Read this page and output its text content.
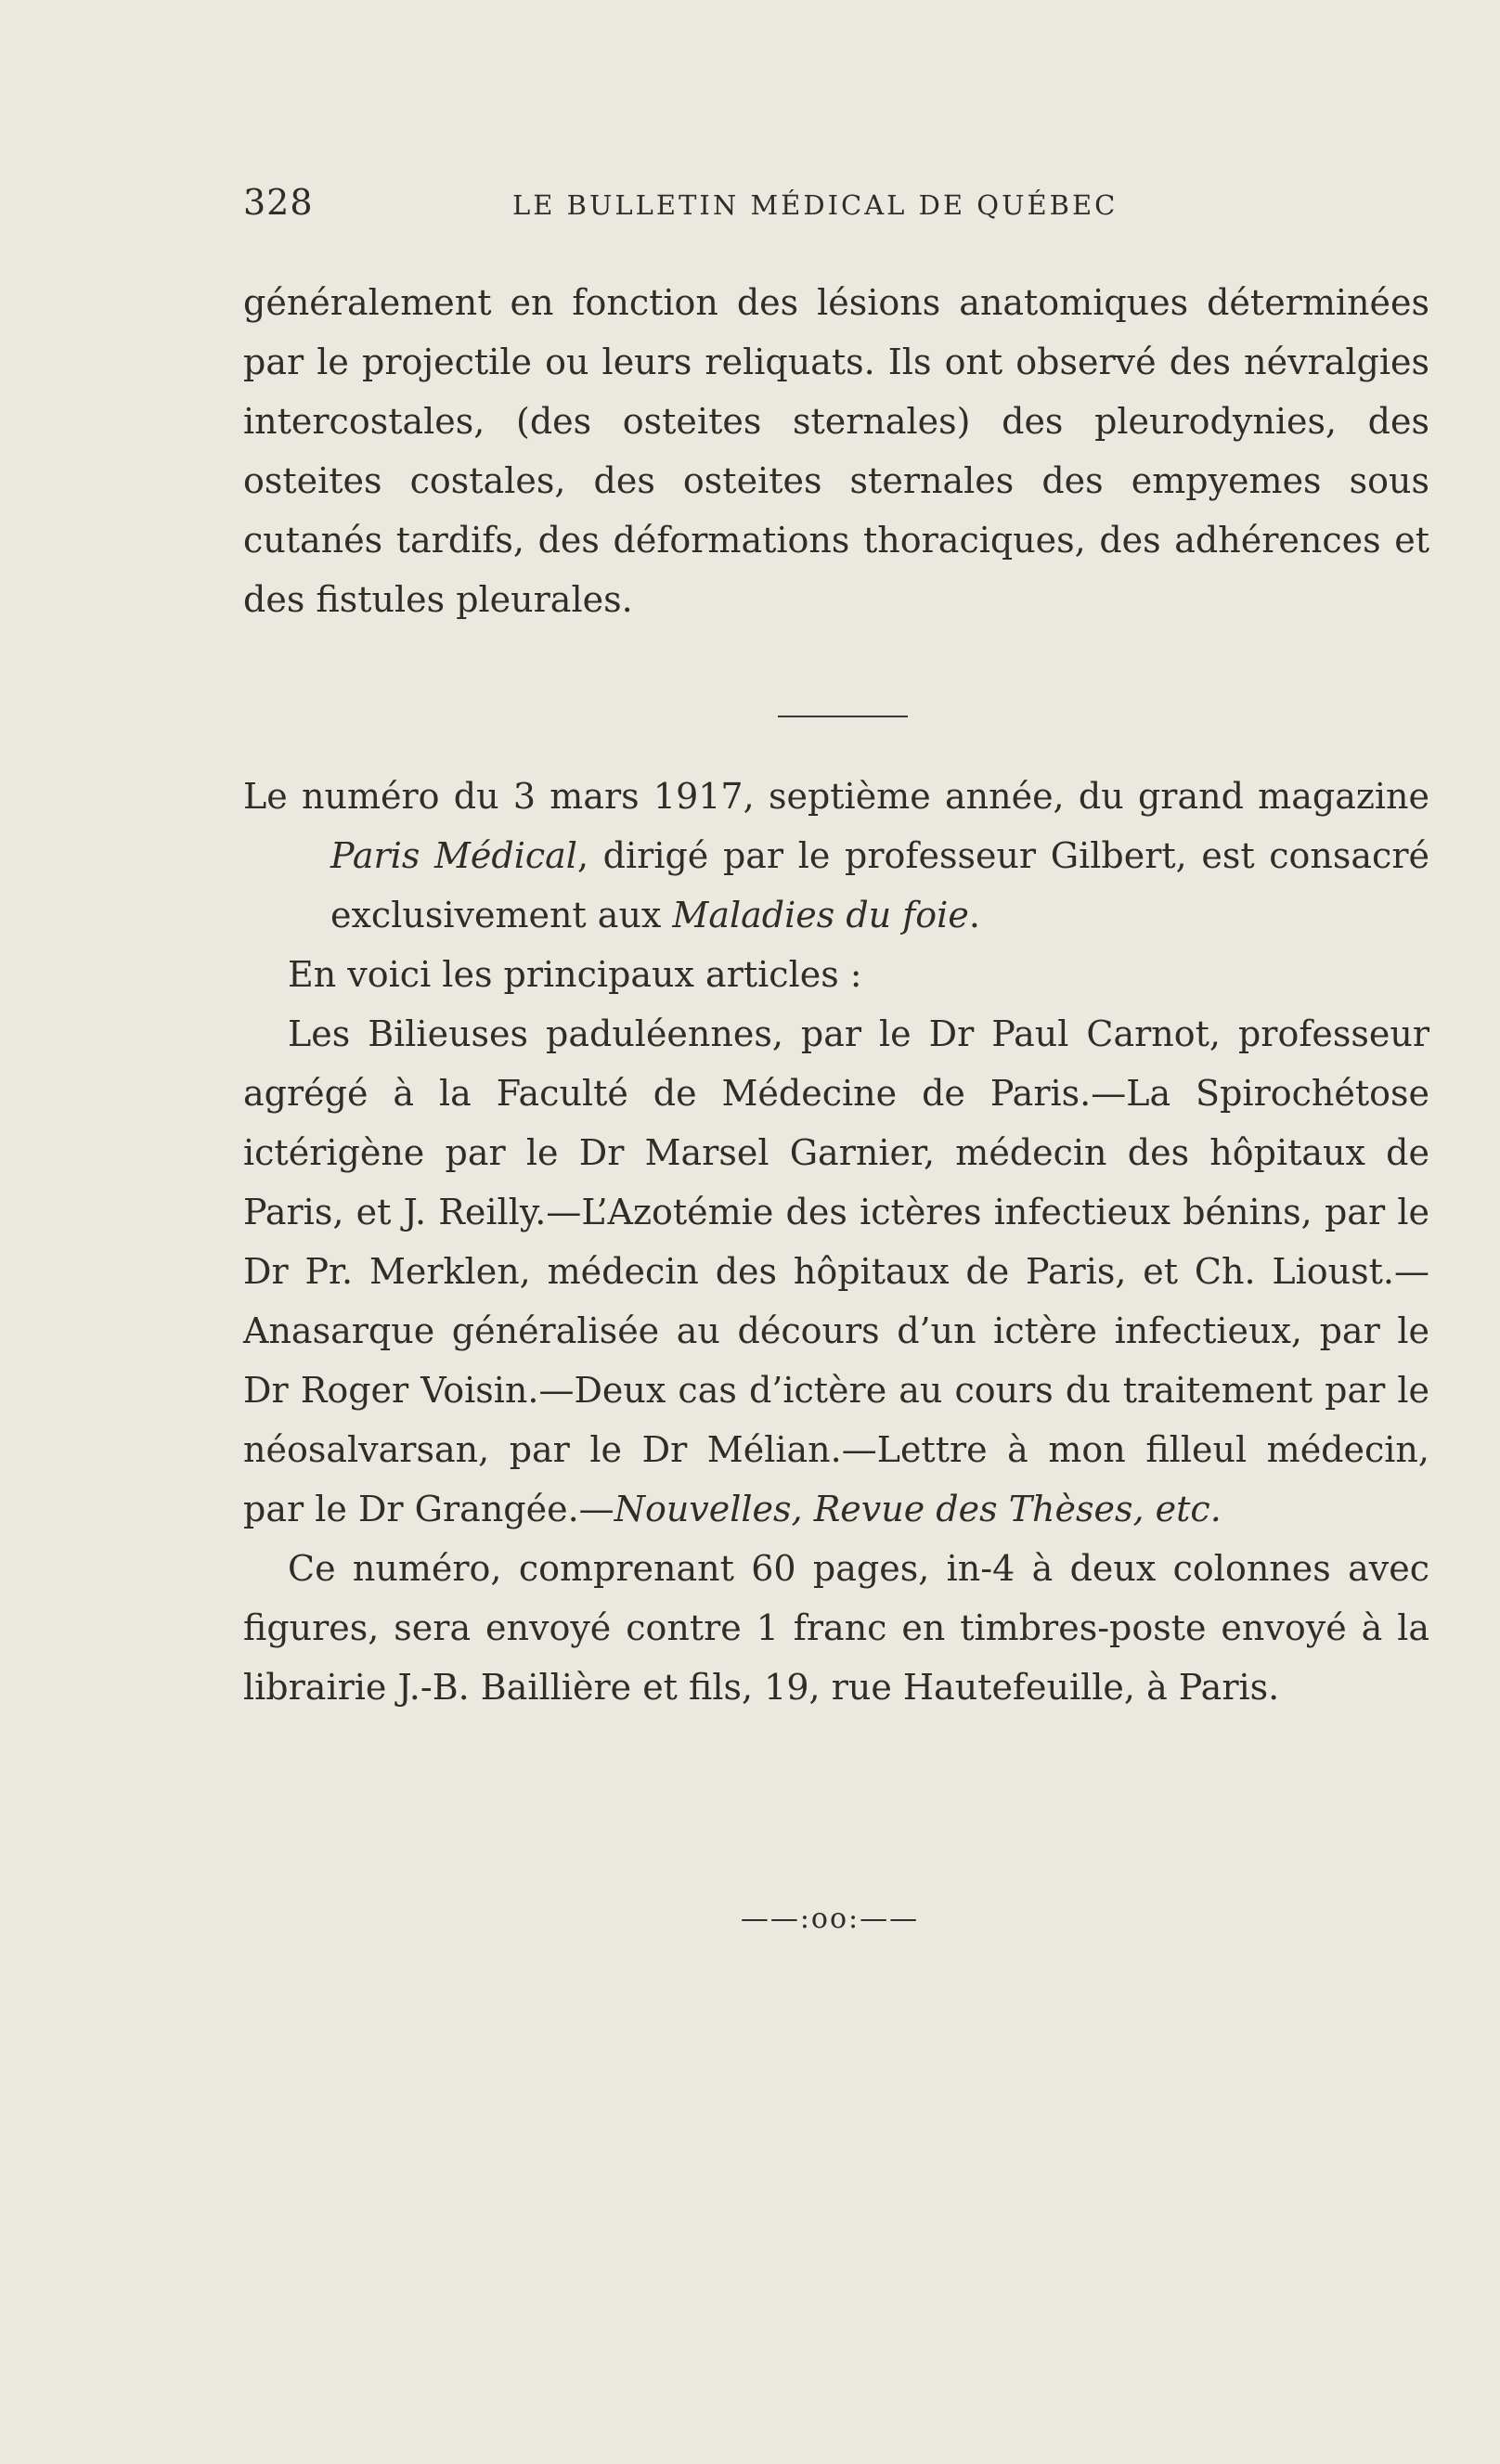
328	LE BULLETIN MÉDICAL DE QUÉBEC

généralement en fonction des lésions anatomiques déterminées par le projectile ou leurs reliquats. Ils ont observé des névralgies intercostales, (des osteites sternales) des pleurodynies, des osteites costales, des osteites sternales des empyemes sous cutanés tardifs, des déformations thoraciques, des adhérences et des fistules pleurales.

Le numéro du 3 mars 1917, septième année, du grand magazine Paris Médical, dirigé par le professeur Gilbert, est consacré exclusivement aux Maladies du foie.

En voici les principaux articles :

Les Bilieuses paduléennes, par le Dr Paul Carnot, professeur agrégé à la Faculté de Médecine de Paris.—La Spirochétose ictérigène par le Dr Marsel Garnier, médecin des hôpitaux de Paris, et J. Reilly.—L’Azotémie des ictères infectieux bénins, par le Dr Pr. Merklen, médecin des hôpitaux de Paris, et Ch. Lioust.—Anasarque généralisée au décours d’un ictère infectieux, par le Dr Roger Voisin.—Deux cas d’ictère au cours du traitement par le néosalvarsan, par le Dr Mélian.—Lettre à mon filleul médecin, par le Dr Grangée.—Nouvelles, Revue des Thèses, etc.

Ce numéro, comprenant 60 pages, in-4 à deux colonnes avec figures, sera envoyé contre 1 franc en timbres-poste envoyé à la librairie J.-B. Baillière et fils, 19, rue Hautefeuille, à Paris.

——:oo:——
